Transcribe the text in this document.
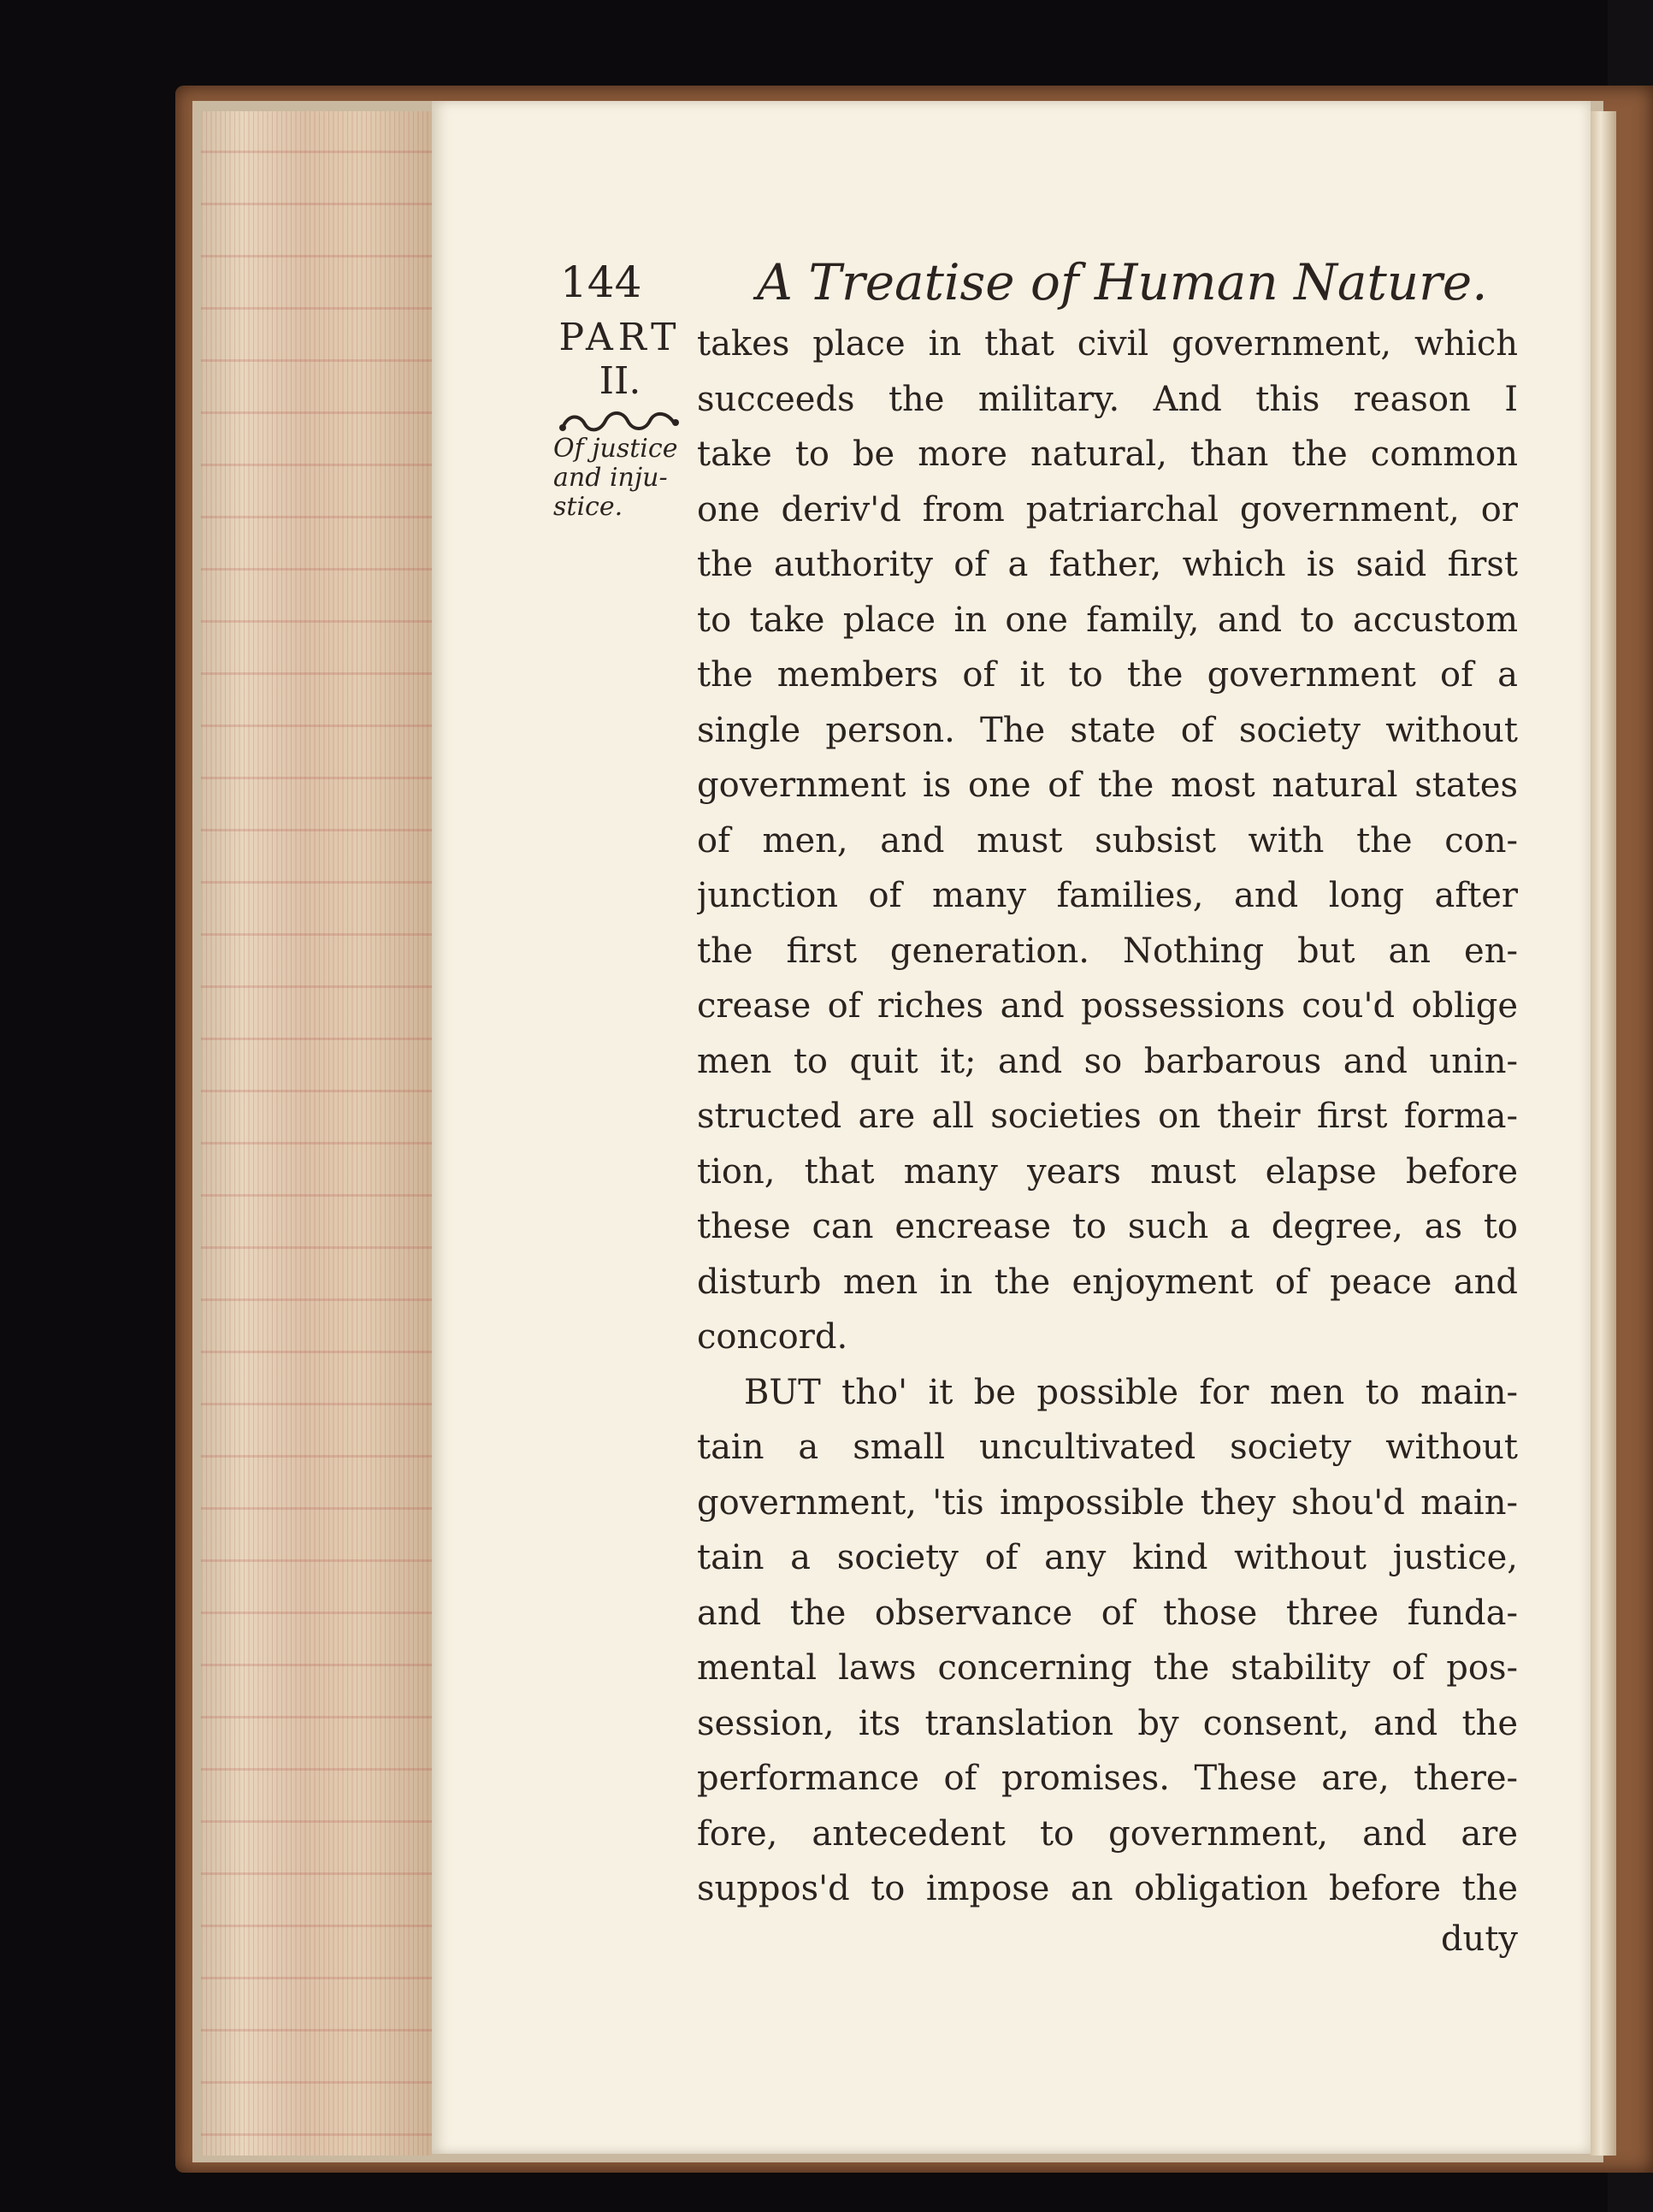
144 A Treatise of Human Nature.
PART
II.
Of justice
and inju-
stice.
takes place in that civil government, which
succeeds the military. And this reason I
take to be more natural, than the common
one deriv'd from patriarchal government, or
the authority of a father, which is said first
to take place in one family, and to accustom
the members of it to the government of a
single person. The state of society without
government is one of the most natural states
of men, and must subsist with the con-
junction of many families, and long after
the first generation. Nothing but an en-
crease of riches and possessions cou'd oblige
men to quit it; and so barbarous and unin-
structed are all societies on their first forma-
tion, that many years must elapse before
these can encrease to such a degree, as to
disturb men in the enjoyment of peace and
concord.
BUT tho' it be possible for men to main-
tain a small uncultivated society without
government, 'tis impossible they shou'd main-
tain a society of any kind without justice,
and the observance of those three funda-
mental laws concerning the stability of pos-
session, its translation by consent, and the
performance of promises. These are, there-
fore, antecedent to government, and are
suppos'd to impose an obligation before the
duty
